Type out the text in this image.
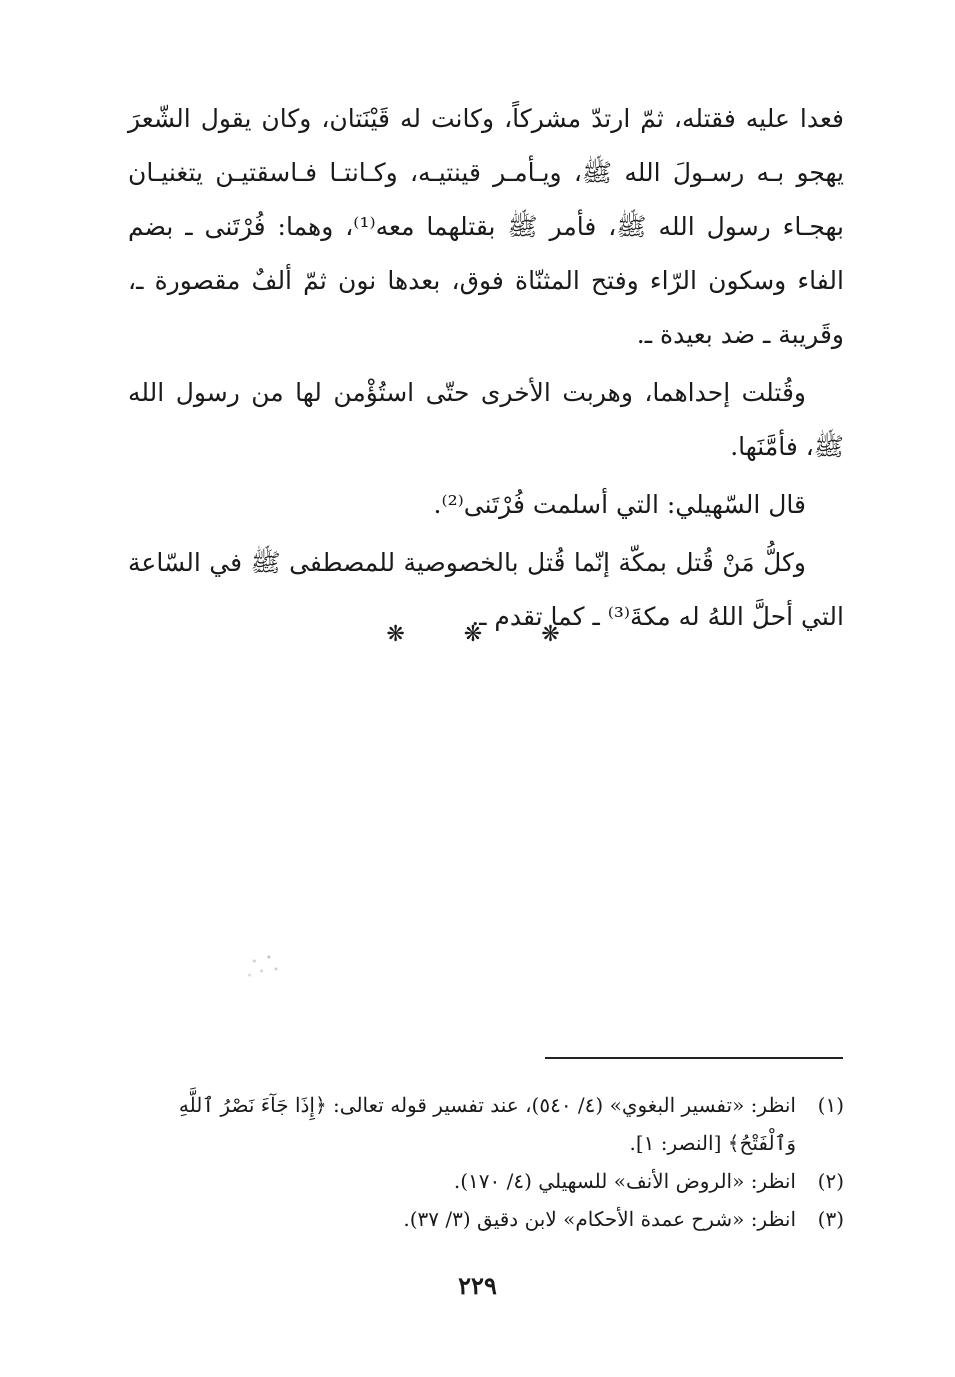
فعدا عليه فقتله، ثمّ ارتدّ مشركاً، وكانت له قَيْنَتان، وكان يقول الشّعرَ يهجو بـه رسـولَ الله ﷺ، ويـأمـر قينتيـه، وكـانتـا فـاسقتيـن يتغنيـان بهجـاء رسول الله ﷺ، فأمر ﷺ بقتلهما معه⁽¹⁾، وهما: فُرْتَنى ـ بضم الفاء وسكون الرّاء وفتح المثنّاة فوق، بعدها نون ثمّ ألفٌ مقصورة ـ، وقَريبة ـ ضد بعيدة ـ.

وقُتلت إحداهما، وهربت الأخرى حتّى استُؤْمن لها من رسول الله ﷺ، فأمَّنَها.

قال السّهيلي: التي أسلمت فُرْتَنى⁽²⁾.

وكلُّ مَنْ قُتل بمكّة إنّما قُتل بالخصوصية للمصطفى ﷺ في السّاعة التي أحلَّ اللهُ له مكةَ⁽³⁾ ـ كما تقدم ـ.

❋ ❋ ❋
(١)
انظر: «تفسير البغوي» (٤/ ٥٤٠)، عند تفسير قوله تعالى: ﴿إِذَا جَآءَ نَصْرُ ٱللَّهِ وَٱلْفَتْحُ﴾ [النصر: ١].
(٢)
انظر: «الروض الأنف» للسهيلي (٤/ ١٧٠).
(٣)
انظر: «شرح عمدة الأحكام» لابن دقيق (٣/ ٣٧).
٢٢٩
